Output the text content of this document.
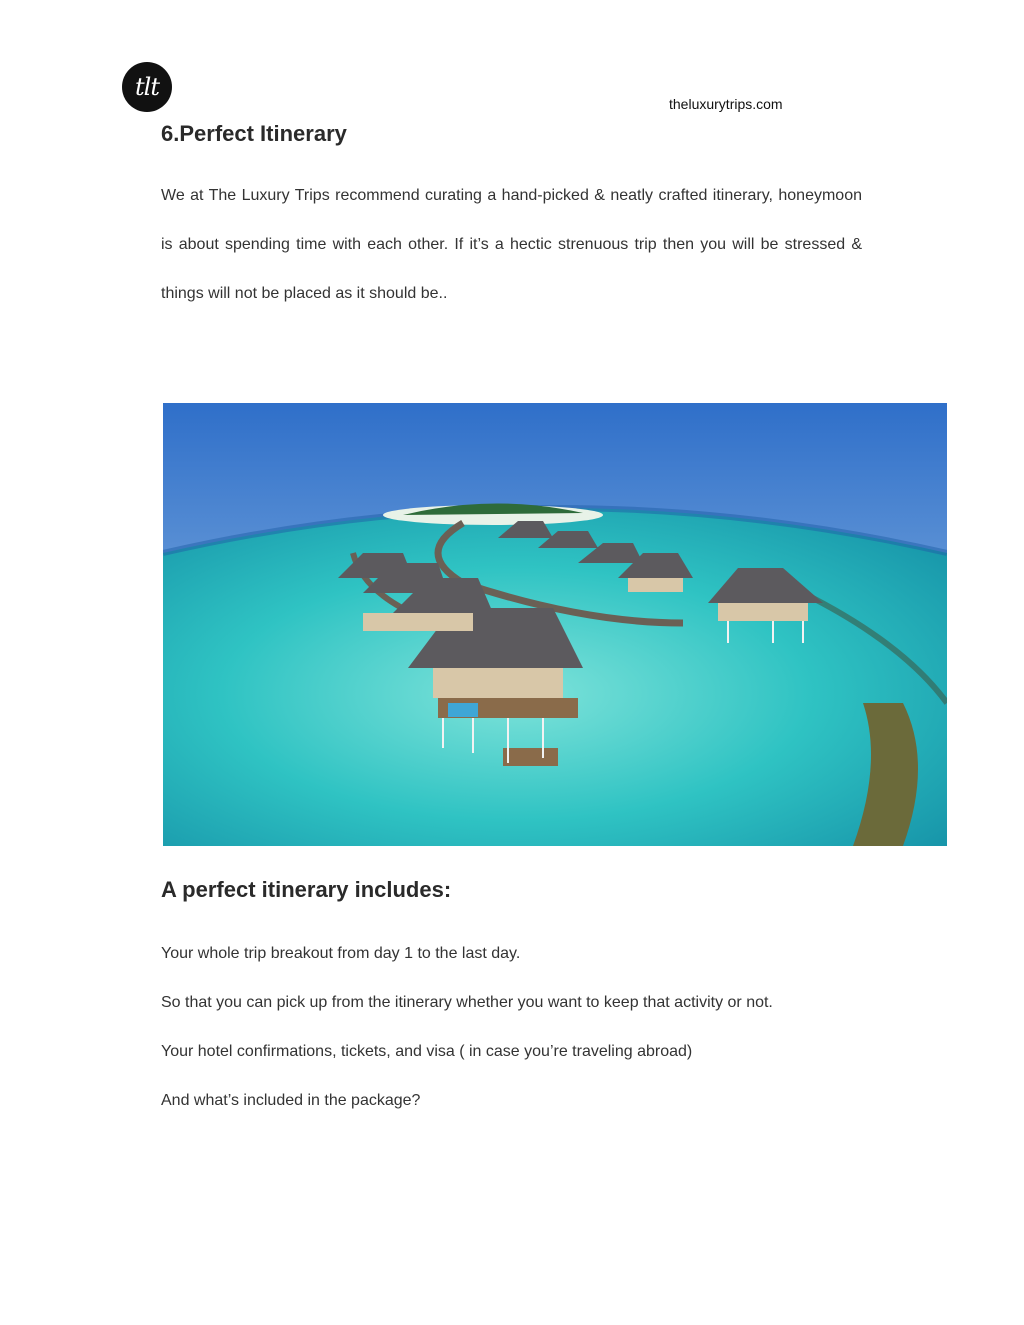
tlt
theluxurytrips.com
6.Perfect Itinerary

We at The Luxury Trips recommend curating a hand-picked & neatly crafted itinerary, honeymoon is about spending time with each other. If it’s a hectic strenuous trip then you will be stressed & things will not be placed as it should be..

A perfect itinerary includes:

Your whole trip breakout from day 1 to the last day.

So that you can pick up from the itinerary whether you want to keep that activity or not.

Your hotel confirmations, tickets, and visa ( in case you’re traveling abroad)

And what’s included in the package?
